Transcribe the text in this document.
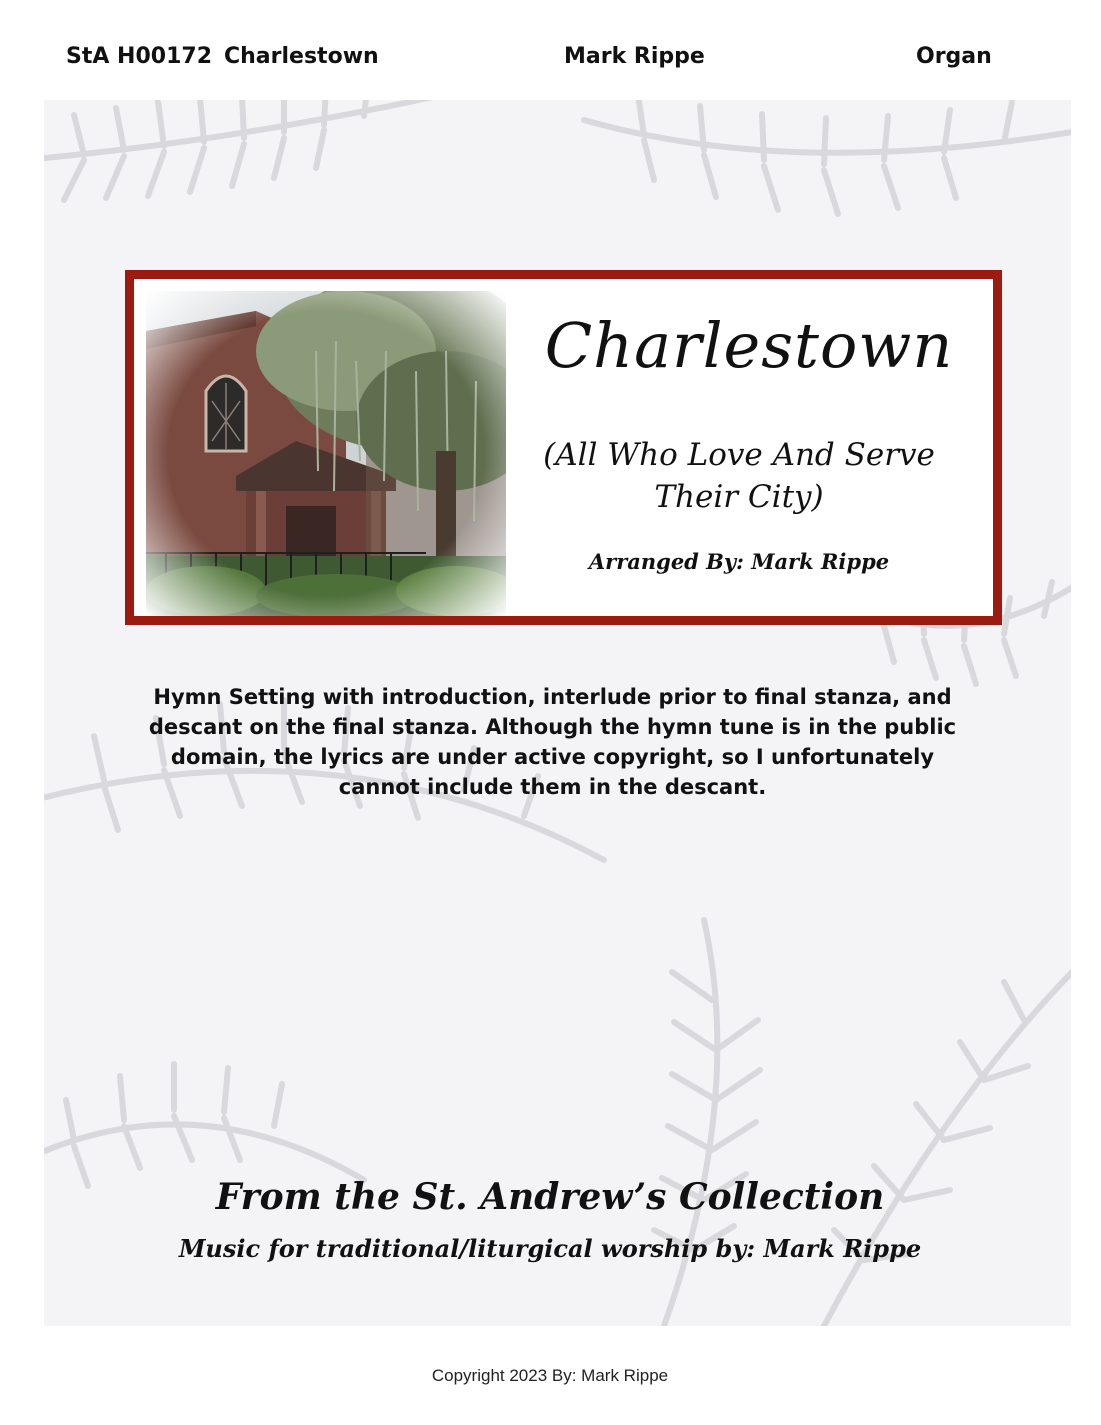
StA H00172 Charlestown	Mark Rippe	Organ
Charlestown
(All Who Love And Serve
Their City)
Arranged By: Mark Rippe
Hymn Setting with introduction, interlude prior to final stanza, and descant on the final stanza. Although the hymn tune is in the public domain, the lyrics are under active copyright, so I unfortunately cannot include them in the descant.
From the St. Andrew’s Collection
Music for traditional/liturgical worship by: Mark Rippe
Copyright 2023 By: Mark Rippe
